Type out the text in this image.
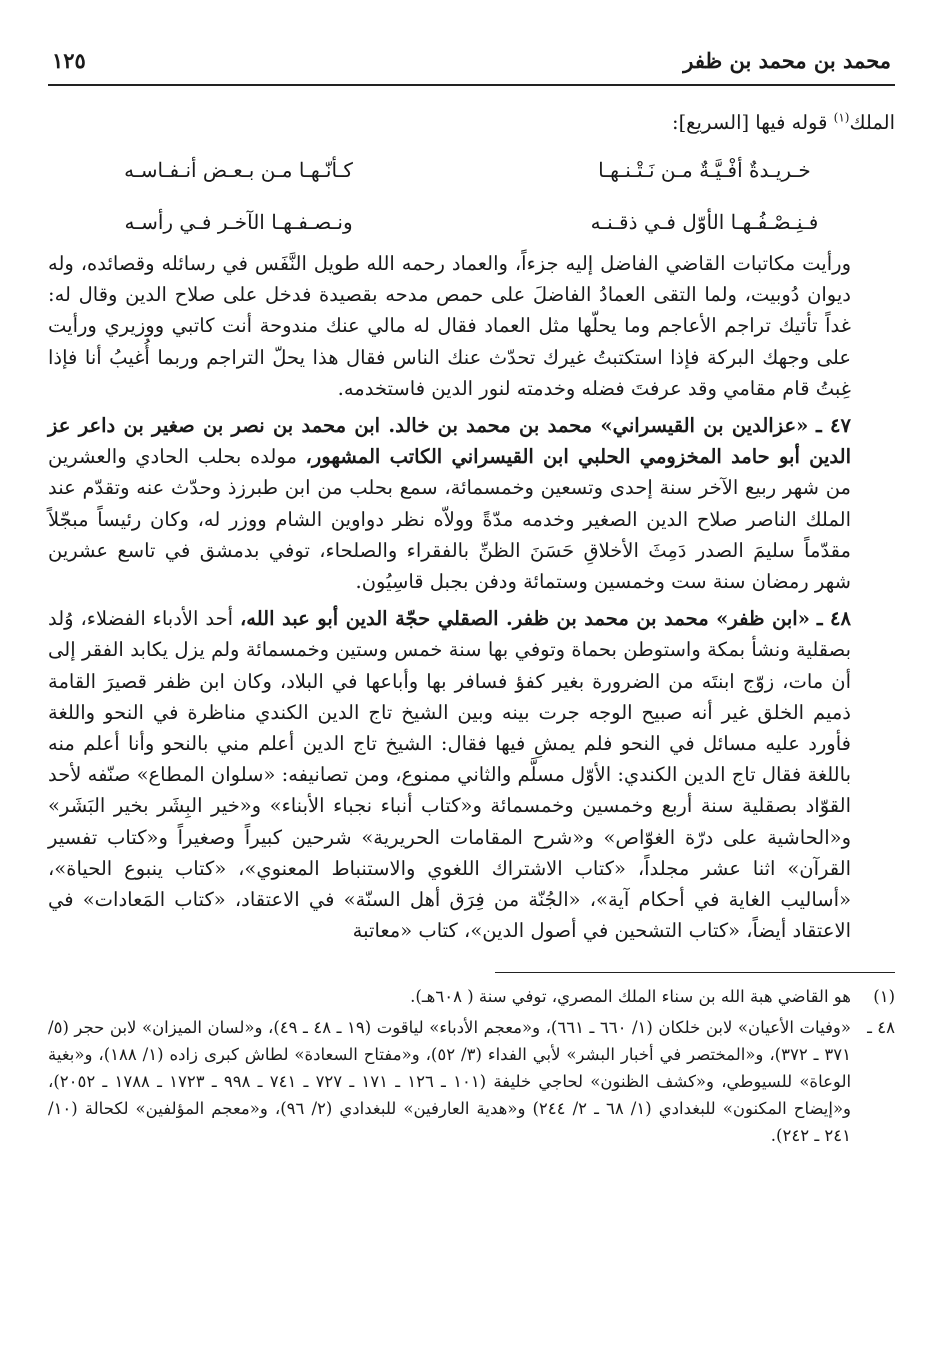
محمد بن محمد بن ظفر
١٢٥
الملك$^{(١)}$ قوله فيها [السريع]:
خـريـدةٌ أفْـيَّـةٌ مـن نَـتْـنـهـا
كـأنّـهـا مـن بـعـض أنـفـاسـه
فـنِـصْـفُـهـا الأوّل فـي ذقـنـه
ونـصـفـهـا الآخـر فـي رأسـه

ورأيت مكاتبات القاضي الفاضل إليه جزءاً، والعماد رحمه الله طويل النَّفَس في رسائله وقصائده، وله ديوان دُوبيت، ولما التقى العمادُ الفاضلَ على حمص مدحه بقصيدة فدخل على صلاح الدين وقال له: غداً تأتيك تراجم الأعاجم وما يحلّها مثل العماد فقال له مالي عنك مندوحة أنت كاتبي ووزيري ورأيت على وجهك البركة فإذا استكتبتُ غيرك تحدّث عنك الناس فقال هذا يحلّ التراجم وربما أُغيبُ أنا فإذا غِبتُ قام مقامي وقد عرفتَ فضله وخدمته لنور الدين فاستخدمه.

٤٧ ـ «عزالدين بن القيسراني» محمد بن محمد بن خالد. ابن محمد بن نصر بن صغير بن داعر عز الدين أبو حامد المخزومي الحلبي ابن القيسراني الكاتب المشهور، مولده بحلب الحادي والعشرين من شهر ربيع الآخر سنة إحدى وتسعين وخمسمائة، سمع بحلب من ابن طبرزذ وحدّث عنه وتقدّم عند الملك الناصر صلاح الدين الصغير وخدمه مدّةً وولاّه نظر دواوين الشام ووزر له، وكان رئيساً مبجّلاً مقدّماً سليمَ الصدر دَمِثَ الأخلاقِ حَسَنَ الظنِّ بالفقراء والصلحاء، توفي بدمشق في تاسع عشرين شهر رمضان سنة ست وخمسين وستمائة ودفن بجبل قاسِيُون.

٤٨ ـ «ابن ظفر» محمد بن محمد بن ظفر. الصقلي حجّة الدين أبو عبد الله، أحد الأدباء الفضلاء، وُلد بصقلية ونشأ بمكة واستوطن بحماة وتوفي بها سنة خمس وستين وخمسمائة ولم يزل يكابد الفقر إلى أن مات، زوّج ابنتَه من الضرورة بغير كفؤ فسافر بها وأباعها في البلاد، وكان ابن ظفر قصيرَ القامة ذميم الخلق غير أنه صبيح الوجه جرت بينه وبين الشيخ تاج الدين الكندي مناظرة في النحو واللغة فأورد عليه مسائل في النحو فلم يمشِ فيها فقال: الشيخ تاج الدين أعلم مني بالنحو وأنا أعلم منه باللغة فقال تاج الدين الكندي: الأوّل مسلَّم والثاني ممنوع، ومن تصانيفه: «سلوان المطاع» صنّفه لأحد القوّاد بصقلية سنة أربع وخمسين وخمسمائة و«كتاب أنباء نجباء الأبناء» و«خير البِشَر بخير البَشَر» و«الحاشية على درّة الغوّاص» و«شرح المقامات الحريرية» شرحين كبيراً وصغيراً و«كتاب تفسير القرآن» اثنا عشر مجلداً، «كتاب الاشتراك اللغوي والاستنباط المعنوي»، «كتاب ينبوع الحياة»، «أساليب الغاية في أحكام آية»، «الجُنّة من فِرَق أهل السنّة» في الاعتقاد، «كتاب المَعادات» في الاعتقاد أيضاً، «كتاب التشحين في أصول الدين»، كتاب «معاتبة

(١)
هو القاضي هبة الله بن سناء الملك المصري، توفي سنة ( ٦٠٨هـ).
٤٨ ـ
«وفيات الأعيان» لابن خلكان (١/ ٦٦٠ ـ ٦٦١)، و«معجم الأدباء» لياقوت (١٩ ـ ٤٨ ـ ٤٩)، و«لسان الميزان» لابن حجر (٥/ ٣٧١ ـ ٣٧٢)، و«المختصر في أخبار البشر» لأبي الفداء (٣/ ٥٢)، و«مفتاح السعادة» لطاش كبرى زاده (١/ ١٨٨)، و«بغية الوعاة» للسيوطي، و«كشف الظنون» لحاجي خليفة (١٠١ ـ ١٢٦ ـ ١٧١ ـ ٧٢٧ ـ ٧٤١ ـ ٩٩٨ ـ ١٧٢٣ ـ ١٧٨٨ ـ ٢٠٥٢)، و«إيضاح المكنون» للبغدادي (١/ ٦٨ ـ ٢/ ٢٤٤) و«هدية العارفين» للبغدادي (٢/ ٩٦)، و«معجم المؤلفين» لكحالة (١٠/ ٢٤١ ـ ٢٤٢).
